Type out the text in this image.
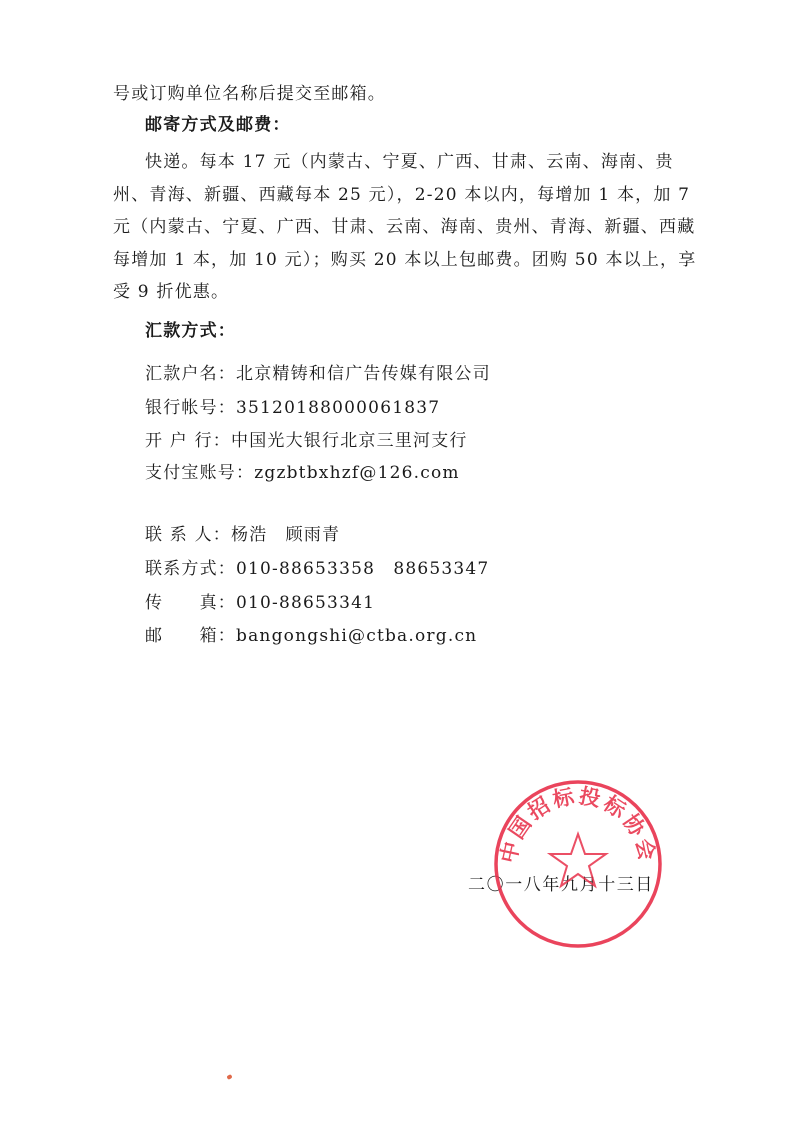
号或订购单位名称后提交至邮箱。
邮寄方式及邮费：
快递。每本 17 元（内蒙古、宁夏、广西、甘肃、云南、海南、贵州、青海、新疆、西藏每本 25 元），2-20 本以内，每增加 1 本，加 7 元（内蒙古、宁夏、广西、甘肃、云南、海南、贵州、青海、新疆、西藏每增加 1 本，加 10 元）；购买 20 本以上包邮费。团购 50 本以上，享受 9 折优惠。
汇款方式：
汇款户名：北京精铸和信广告传媒有限公司
银行帐号：35120188000061837
开 户 行：中国光大银行北京三里河支行
支付宝账号：zgzbtbxhzf@126.com
联 系 人：杨浩　顾雨青
联系方式：010-88653358　88653347
传　　真：010-88653341
邮　　箱：bangongshi@ctba.org.cn
二〇一八年九月十三日
中国招标投标协会
